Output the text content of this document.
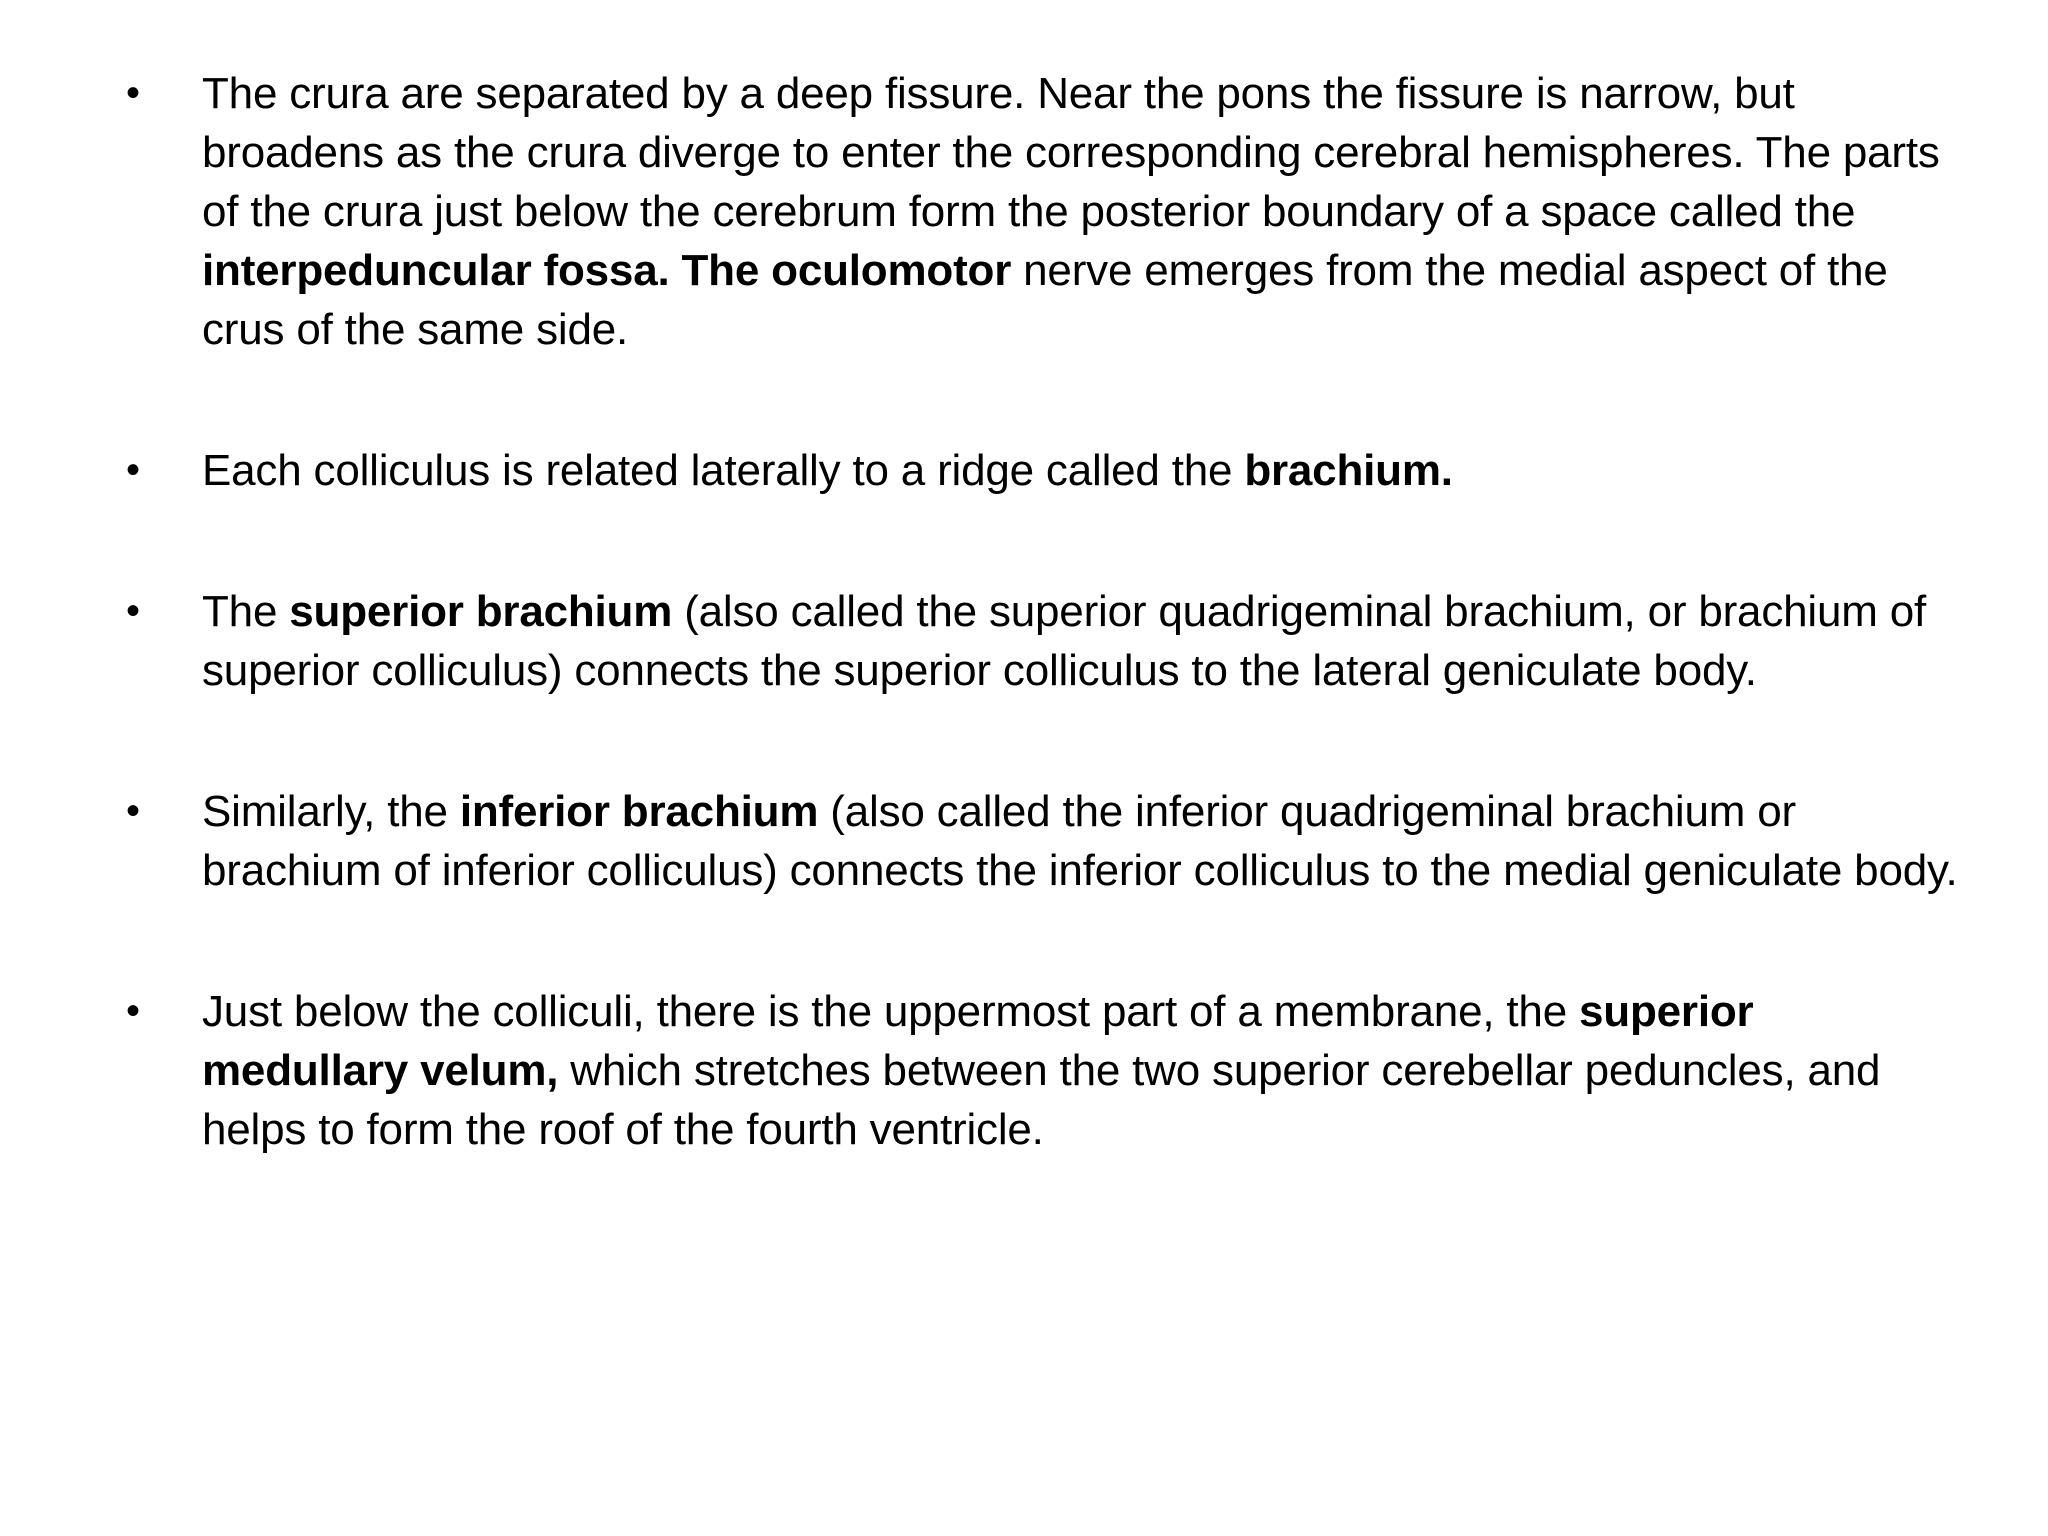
•	The crura are separated by a deep fissure. Near the pons the fissure is narrow, but broadens as the crura diverge to enter the corresponding cerebral hemispheres. The parts of the crura just below the cerebrum form the posterior boundary of a space called the interpeduncular fossa. The oculomotor nerve emerges from the medial aspect of the crus of the same side.
•	Each colliculus is related laterally to a ridge called the brachium.
•	The superior brachium (also called the superior quadrigeminal brachium, or brachium of superior colliculus) connects the superior colliculus to the lateral geniculate body.
•	Similarly, the inferior brachium (also called the inferior quadrigeminal brachium or brachium of inferior colliculus) connects the inferior colliculus to the medial geniculate body.
•	Just below the colliculi, there is the uppermost part of a membrane, the superior medullary velum, which stretches between the two superior cerebellar peduncles, and helps to form the roof of the fourth ventricle.
